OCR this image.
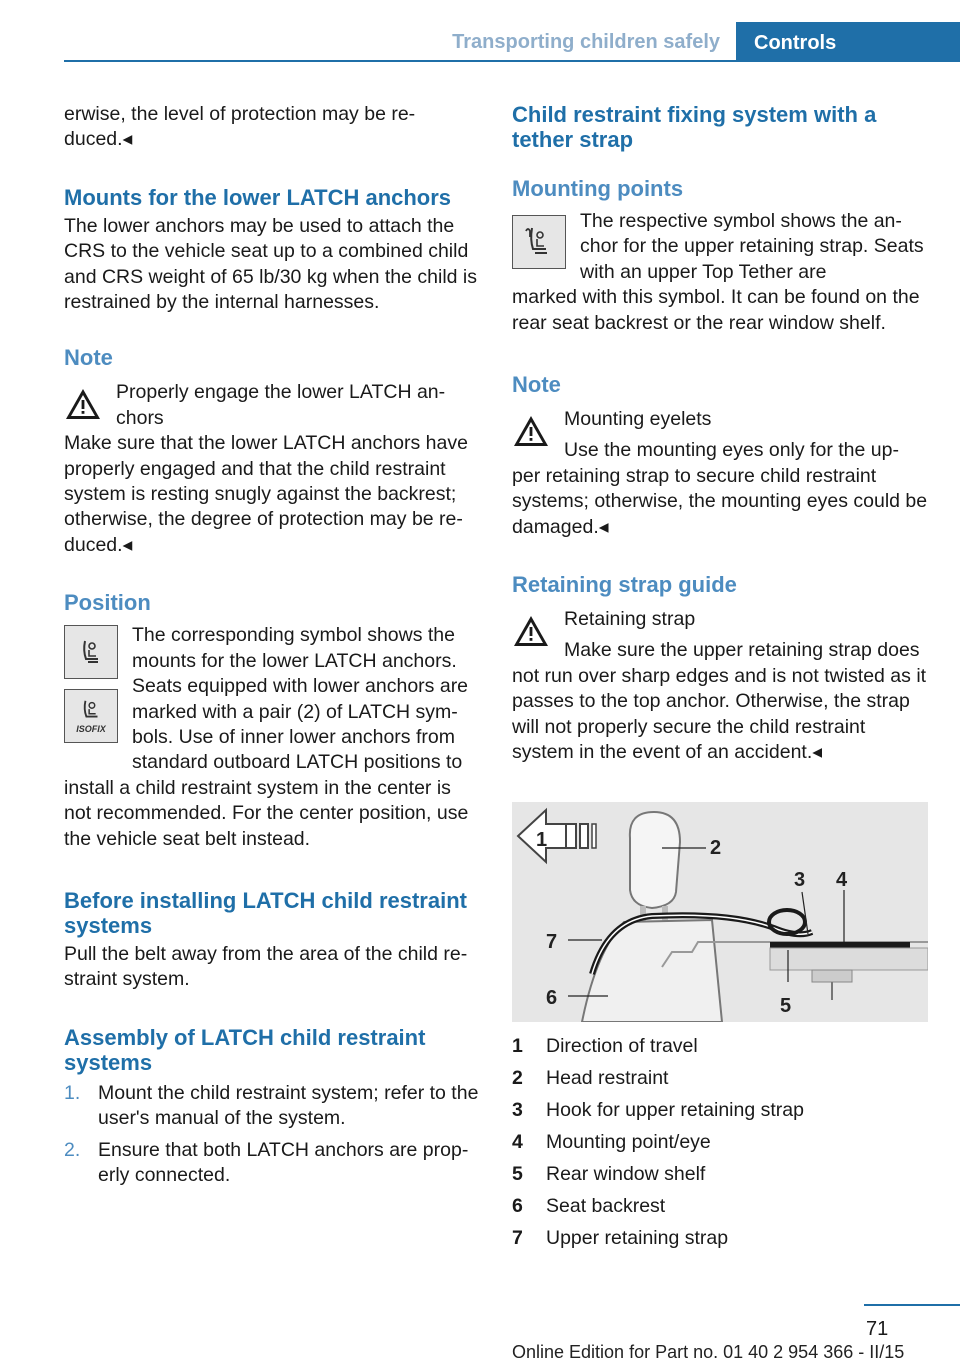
Transporting children safely	Controls

erwise, the level of protection may be re-duced.◂

Mounts for the lower LATCH anchors

The lower anchors may be used to attach the CRS to the vehicle seat up to a combined child and CRS weight of 65 lb/30 kg when the child is restrained by the internal harnesses.

Note

Properly engage the lower LATCH an-chors

Make sure that the lower LATCH anchors have properly engaged and that the child restraint system is resting snugly against the backrest; otherwise, the degree of protection may be re-duced.◂

Position
ISOFIX

The corresponding symbol shows the mounts for the lower LATCH anchors. Seats equipped with lower anchors are marked with a pair (2) of LATCH sym-bols. Use of inner lower anchors from standard outboard LATCH positions to

install a child restraint system in the center is not recommended. For the center position, use the vehicle seat belt instead.

Before installing LATCH child restraint systems

Pull the belt away from the area of the child re-straint system.

Assembly of LATCH child restraint systems
1. Mount the child restraint system; refer to the user's manual of the system.
2. Ensure that both LATCH anchors are prop-erly connected.
Child restraint fixing system with a tether strap
Mounting points

The respective symbol shows the an-chor for the upper retaining strap. Seats with an upper Top Tether are

marked with this symbol. It can be found on the rear seat backrest or the rear window shelf.

Note

Mounting eyelets

Use the mounting eyes only for the up-

per retaining strap to secure child restraint systems; otherwise, the mounting eyes could be damaged.◂

Retaining strap guide

Retaining strap

Make sure the upper retaining strap does

not run over sharp edges and is not twisted as it passes to the top anchor. Otherwise, the strap will not properly secure the child restraint system in the event of an accident.◂

1	2
3 4
5
6
7
1	Direction of travel
2	Head restraint
3	Hook for upper retaining strap
4	Mounting point/eye
5	Rear window shelf
6	Seat backrest
7	Upper retaining strap
71
Online Edition for Part no. 01 40 2 954 366 - II/15
